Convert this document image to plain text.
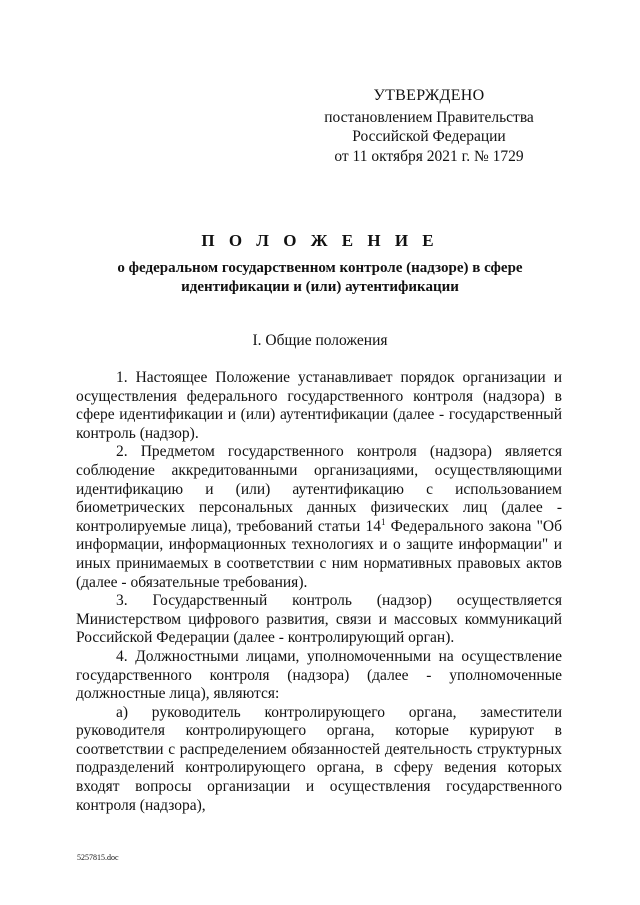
УТВЕРЖДЕНО
постановлением Правительства
Российской Федерации
от 11 октября 2021 г. № 1729
П О Л О Ж Е Н И Е
о федеральном государственном контроле (надзоре) в сфере идентификации и (или) аутентификации
I. Общие положения

1. Настоящее Положение устанавливает порядок организации и осуществления федерального государственного контроля (надзора) в сфере идентификации и (или) аутентификации (далее - государственный контроль (надзор).

2. Предметом государственного контроля (надзора) является соблюдение аккредитованными организациями, осуществляющими идентификацию и (или) аутентификацию с использованием биометрических персональных данных физических лиц (далее - контролируемые лица), требований статьи $14^1$ Федерального закона "Об информации, информационных технологиях и о защите информации" и иных принимаемых в соответствии с ним нормативных правовых актов (далее - обязательные требования).

3. Государственный контроль (надзор) осуществляется Министерством цифрового развития, связи и массовых коммуникаций Российской Федерации (далее - контролирующий орган).

4. Должностными лицами, уполномоченными на осуществление государственного контроля (надзора) (далее - уполномоченные должностные лица), являются:

а) руководитель контролирующего органа, заместители руководителя контролирующего органа, которые курируют в соответствии с распределением обязанностей деятельность структурных подразделений контролирующего органа, в сферу ведения которых входят вопросы организации и осуществления государственного контроля (надзора),

5257815.doc
